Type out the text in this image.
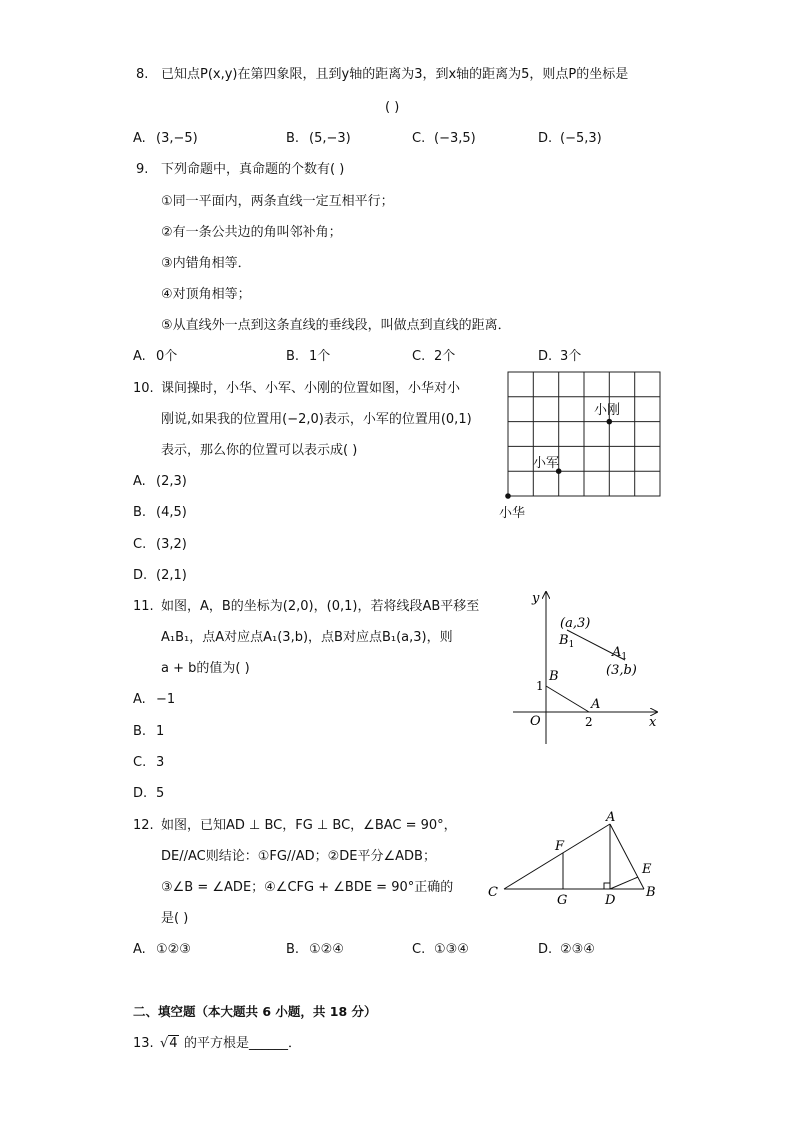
8. 已知点P(x,y)在第四象限，且到y轴的距离为3，到x轴的距离为5，则点P的坐标是
( )
A. (3,−5)	B. (5,−3)	C. (−3,5)	D. (−5,3)
9. 下列命题中，真命题的个数有( )
①同一平面内，两条直线一定互相平行；
②有一条公共边的角叫邻补角；
③内错角相等．
④对顶角相等；
⑤从直线外一点到这条直线的垂线段，叫做点到直线的距离．
A. 0个	B. 1个	C. 2个	D. 3个
10. 课间操时，小华、小军、小刚的位置如图，小华对小
刚说,如果我的位置用(−2,0)表示，小军的位置用(0,1)
表示，那么你的位置可以表示成( )
A. (2,3)
B. (4,5)
C. (3,2)
D. (2,1)
小刚
小军
小华
11. 如图，A，B的坐标为(2,0)，(0,1)，若将线段AB平移至
A₁B₁，点A对应点A₁(3,b)，点B对应点B₁(a,3)，则
a + b的值为( )
A. −1
B. 1
C. 3
D. 5
y
x
O
B
1
A
2
(a,3)
$B_1$	$A_1$
(3,b)
12. 如图，已知AD ⊥ BC，FG ⊥ BC，∠BAC = 90°，
DE//AC则结论：①FG//AD；②DE平分∠ADB；
③∠B = ∠ADE；④∠CFG + ∠BDE = 90°正确的
是( )
A. ①②③	B. ①②④	C. ①③④	D. ②③④
A
F
E
C	B
G	D
二、填空题（本大题共 6 小题，共 18 分）
13. √4 的平方根是______．
